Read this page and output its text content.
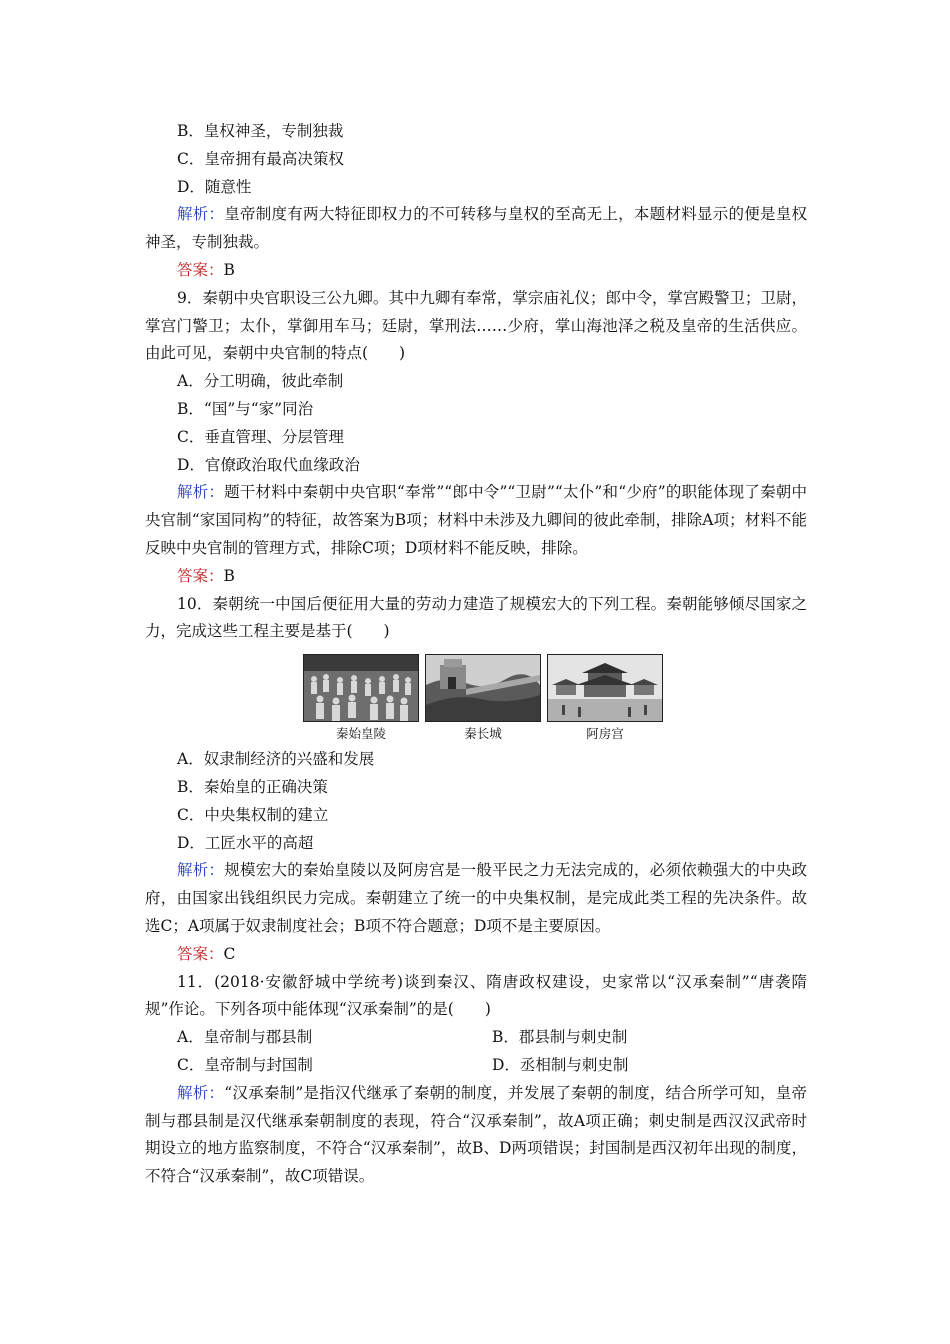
B．皇权神圣，专制独裁
C．皇帝拥有最高决策权
D．随意性
解析：皇帝制度有两大特征即权力的不可转移与皇权的至高无上，本题材料显示的便是皇权神圣，专制独裁。
答案：B
9．秦朝中央官职设三公九卿。其中九卿有奉常，掌宗庙礼仪；郎中令，掌宫殿警卫；卫尉，掌宫门警卫；太仆，掌御用车马；廷尉，掌刑法……少府，掌山海池泽之税及皇帝的生活供应。由此可见，秦朝中央官制的特点(　　)
A．分工明确，彼此牵制
B．“国”与“家”同治
C．垂直管理、分层管理
D．官僚政治取代血缘政治
解析：题干材料中秦朝中央官职“奉常”“郎中令”“卫尉”“太仆”和“少府”的职能体现了秦朝中央官制“家国同构”的特征，故答案为B项；材料中未涉及九卿间的彼此牵制，排除A项；材料不能反映中央官制的管理方式，排除C项；D项材料不能反映，排除。
答案：B
10．秦朝统一中国后便征用大量的劳动力建造了规模宏大的下列工程。秦朝能够倾尽国家之力，完成这些工程主要是基于(　　)
秦始皇陵	秦长城	阿房宫
A．奴隶制经济的兴盛和发展
B．秦始皇的正确决策
C．中央集权制的建立
D．工匠水平的高超
解析：规模宏大的秦始皇陵以及阿房宫是一般平民之力无法完成的，必须依赖强大的中央政府，由国家出钱组织民力完成。秦朝建立了统一的中央集权制，是完成此类工程的先决条件。故选C；A项属于奴隶制度社会；B项不符合题意；D项不是主要原因。
答案：C
11．(2018·安徽舒城中学统考)谈到秦汉、隋唐政权建设，史家常以“汉承秦制”“唐袭隋规”作论。下列各项中能体现“汉承秦制”的是(　　)
A．皇帝制与郡县制	B．郡县制与刺史制
C．皇帝制与封国制	D．丞相制与刺史制
解析：“汉承秦制”是指汉代继承了秦朝的制度，并发展了秦朝的制度，结合所学可知，皇帝制与郡县制是汉代继承秦朝制度的表现，符合“汉承秦制”，故A项正确；刺史制是西汉汉武帝时期设立的地方监察制度，不符合“汉承秦制”，故B、D两项错误；封国制是西汉初年出现的制度，不符合“汉承秦制”，故C项错误。
